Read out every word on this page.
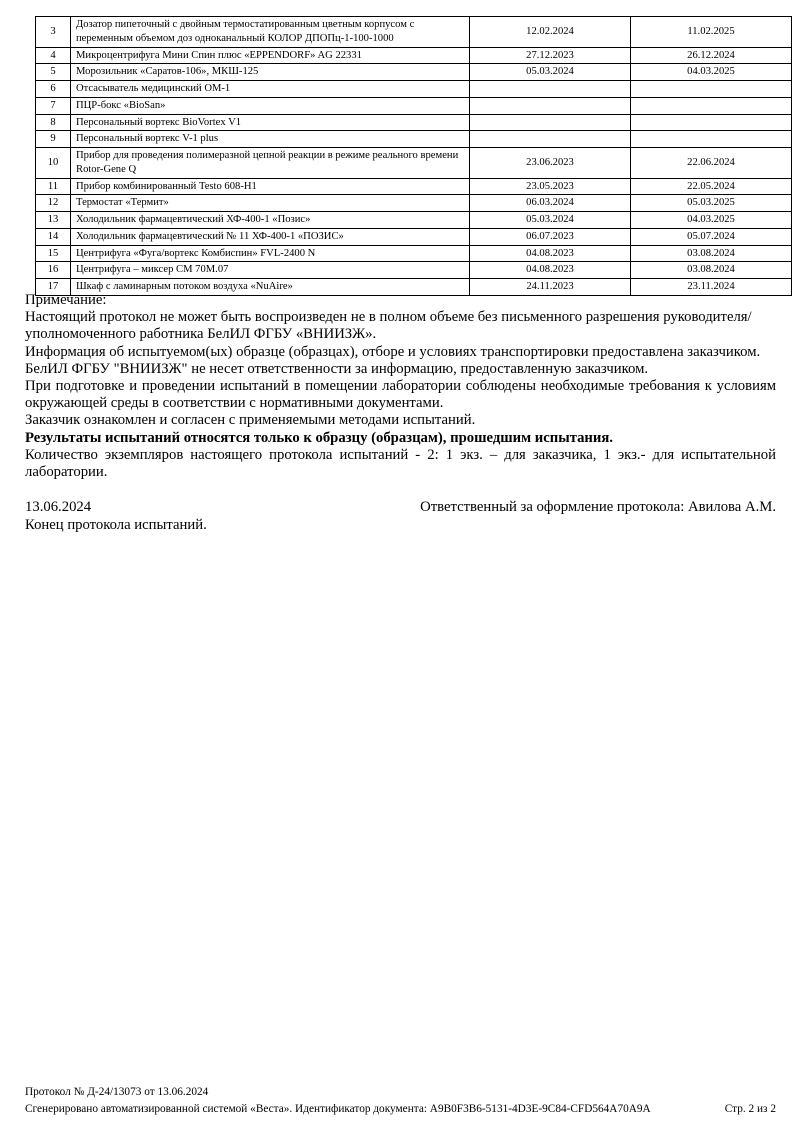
3	Дозатор пипеточный с двойным термостатированным цветным корпусом с переменным объемом доз одноканальный КОЛОР ДПОПц-1-100-1000	12.02.2024	11.02.2025
4	Микроцентрифуга Мини Спин плюс «EPPENDORF» AG 22331	27.12.2023	26.12.2024
5	Морозильник «Саратов-106», МКШ-125	05.03.2024	04.03.2025
6	Отсасыватель медицинский ОМ-1		
7	ПЦР-бокс «BioSan»		
8	Персональный вортекс BioVortex V1		
9	Персональный вортекс V-1 plus		
10	Прибор для проведения полимеразной цепной реакции в режиме реального времени Rotor-Gene Q	23.06.2023	22.06.2024
11	Прибор комбинированный Testo 608-H1	23.05.2023	22.05.2024
12	Термостат «Термит»	06.03.2024	05.03.2025
13	Холодильник фармацевтический ХФ-400-1 «Позис»	05.03.2024	04.03.2025
14	Холодильник фармацевтический № 11 ХФ-400-1 «ПОЗИС»	06.07.2023	05.07.2024
15	Центрифуга «Фуга/вортекс Комбиспин» FVL-2400 N	04.08.2023	03.08.2024
16	Центрифуга – миксер СМ 70М.07	04.08.2023	03.08.2024
17	Шкаф с ламинарным потоком воздуха «NuAire»	24.11.2023	23.11.2024

Примечание:

Настоящий протокол не может быть воспроизведен не в полном объеме без письменного разрешения руководителя/уполномоченного работника БелИЛ ФГБУ «ВНИИЗЖ».

Информация об испытуемом(ых) образце (образцах), отборе и условиях транспортировки предоставлена заказчиком.

БелИЛ ФГБУ "ВНИИЗЖ" не несет ответственности за информацию, предоставленную заказчиком.

При подготовке и проведении испытаний в помещении лаборатории соблюдены необходимые требования к условиям окружающей среды в соответствии с нормативными документами.

Заказчик ознакомлен и согласен с применяемыми методами испытаний.

Результаты испытаний относятся только к образцу (образцам), прошедшим испытания.

Количество экземпляров настоящего протокола испытаний - 2: 1 экз. – для заказчика, 1 экз.- для испытательной лаборатории.

13.06.2024	Ответственный за оформление протокола: Авилова А.М.
Конец протокола испытаний.
Протокол № Д-24/13073 от 13.06.2024
Сгенерировано автоматизированной системой «Веста». Идентификатор документа: A9B0F3B6-5131-4D3E-9C84-CFD564A70A9A	Стр. 2 из 2
